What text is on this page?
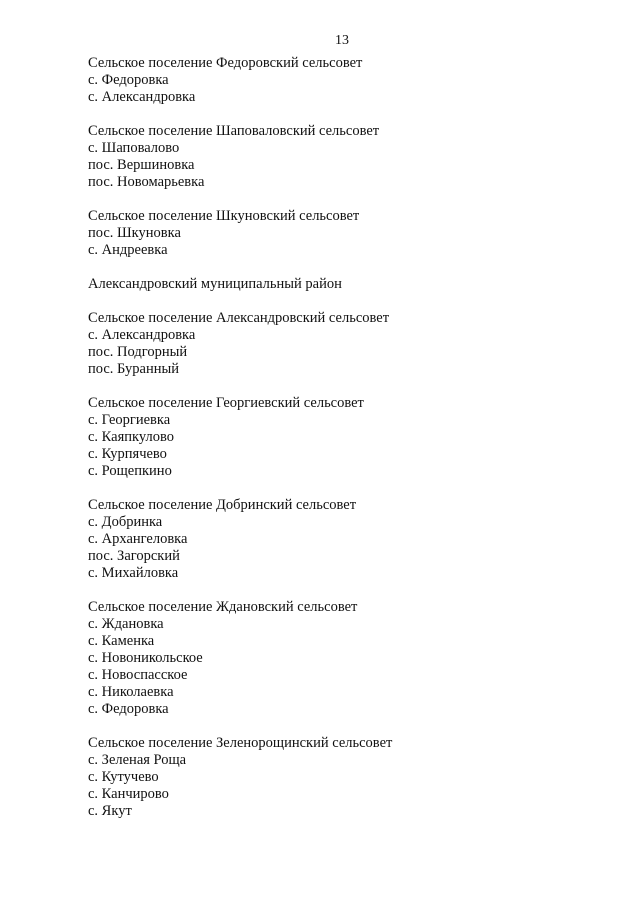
13
Сельское поселение Федоровский сельсовет
с. Федоровка
с. Александровка
Сельское поселение Шаповаловский сельсовет
с. Шаповалово
пос. Вершиновка
пос. Новомарьевка
Сельское поселение Шкуновский сельсовет
пос. Шкуновка
с. Андреевка
Александровский муниципальный район
Сельское поселение Александровский сельсовет
с. Александровка
пос. Подгорный
пос. Буранный
Сельское поселение Георгиевский сельсовет
с. Георгиевка
с. Каяпкулово
с. Курпячево
с. Рощепкино
Сельское поселение Добринский сельсовет
с. Добринка
с. Архангеловка
пос. Загорский
с. Михайловка
Сельское поселение Ждановский сельсовет
с. Ждановка
с. Каменка
с. Новоникольское
с. Новоспасское
с. Николаевка
с. Федоровка
Сельское поселение Зеленорощинский сельсовет
с. Зеленая Роща
с. Кутучево
с. Канчирово
с. Якут
